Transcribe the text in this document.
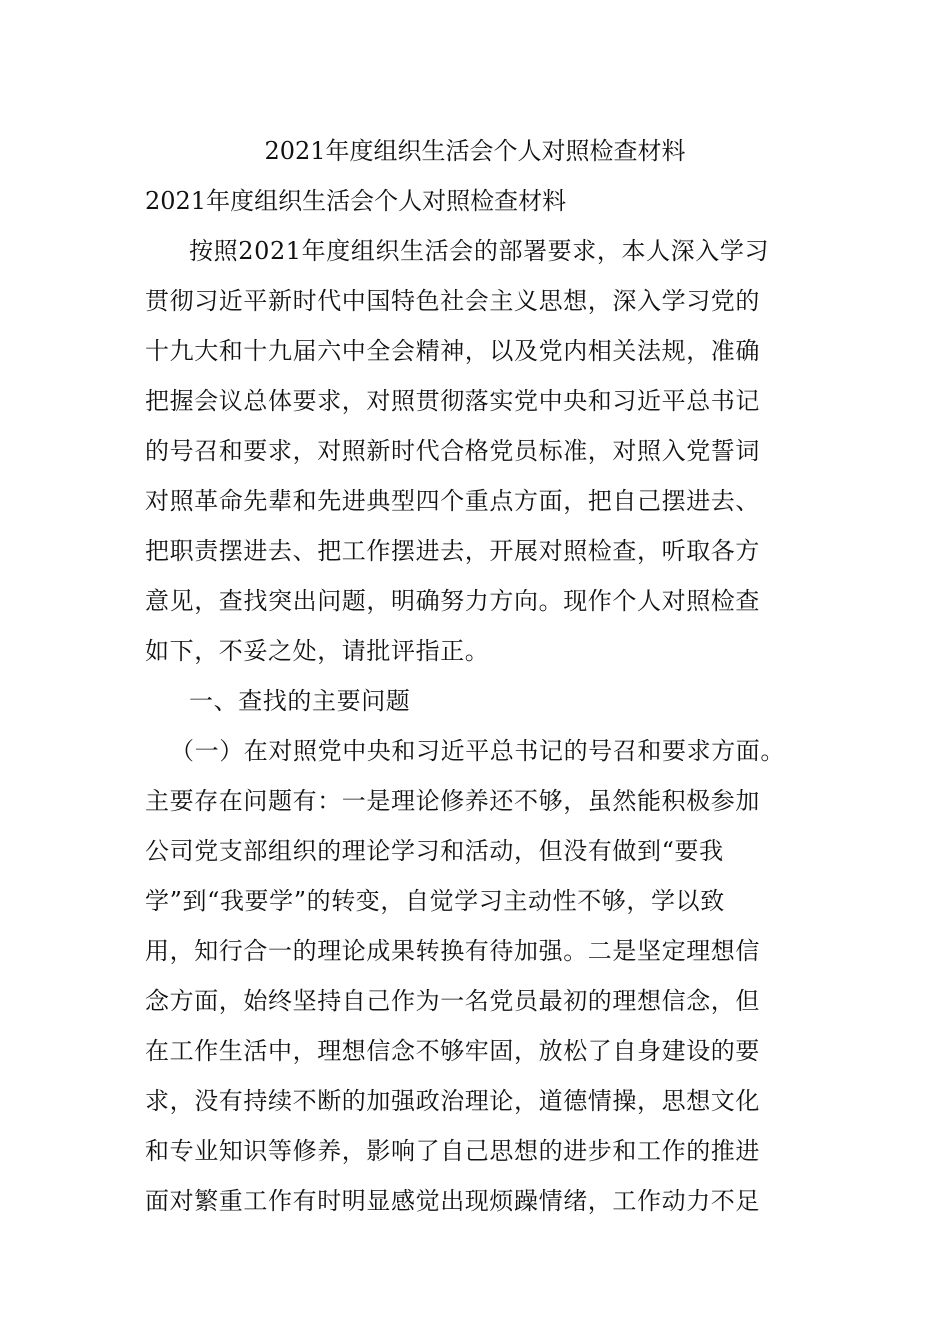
2021年度组织生活会个人对照检查材料
2021年度组织生活会个人对照检查材料
按照2021年度组织生活会的部署要求，本人深入学习
贯彻习近平新时代中国特色社会主义思想，深入学习党的
十九大和十九届六中全会精神，以及党内相关法规，准确
把握会议总体要求，对照贯彻落实党中央和习近平总书记
的号召和要求，对照新时代合格党员标准，对照入党誓词
对照革命先辈和先进典型四个重点方面，把自己摆进去、
把职责摆进去、把工作摆进去，开展对照检查，听取各方
意见，查找突出问题，明确努力方向。现作个人对照检查
如下，不妥之处，请批评指正。
一、查找的主要问题
（一）在对照党中央和习近平总书记的号召和要求方面。
主要存在问题有：一是理论修养还不够，虽然能积极参加
公司党支部组织的理论学习和活动，但没有做到“要我
学”到“我要学”的转变，自觉学习主动性不够，学以致
用，知行合一的理论成果转换有待加强。二是坚定理想信
念方面，始终坚持自己作为一名党员最初的理想信念，但
在工作生活中，理想信念不够牢固，放松了自身建设的要
求，没有持续不断的加强政治理论，道德情操，思想文化
和专业知识等修养，影响了自己思想的进步和工作的推进
面对繁重工作有时明显感觉出现烦躁情绪，工作动力不足
